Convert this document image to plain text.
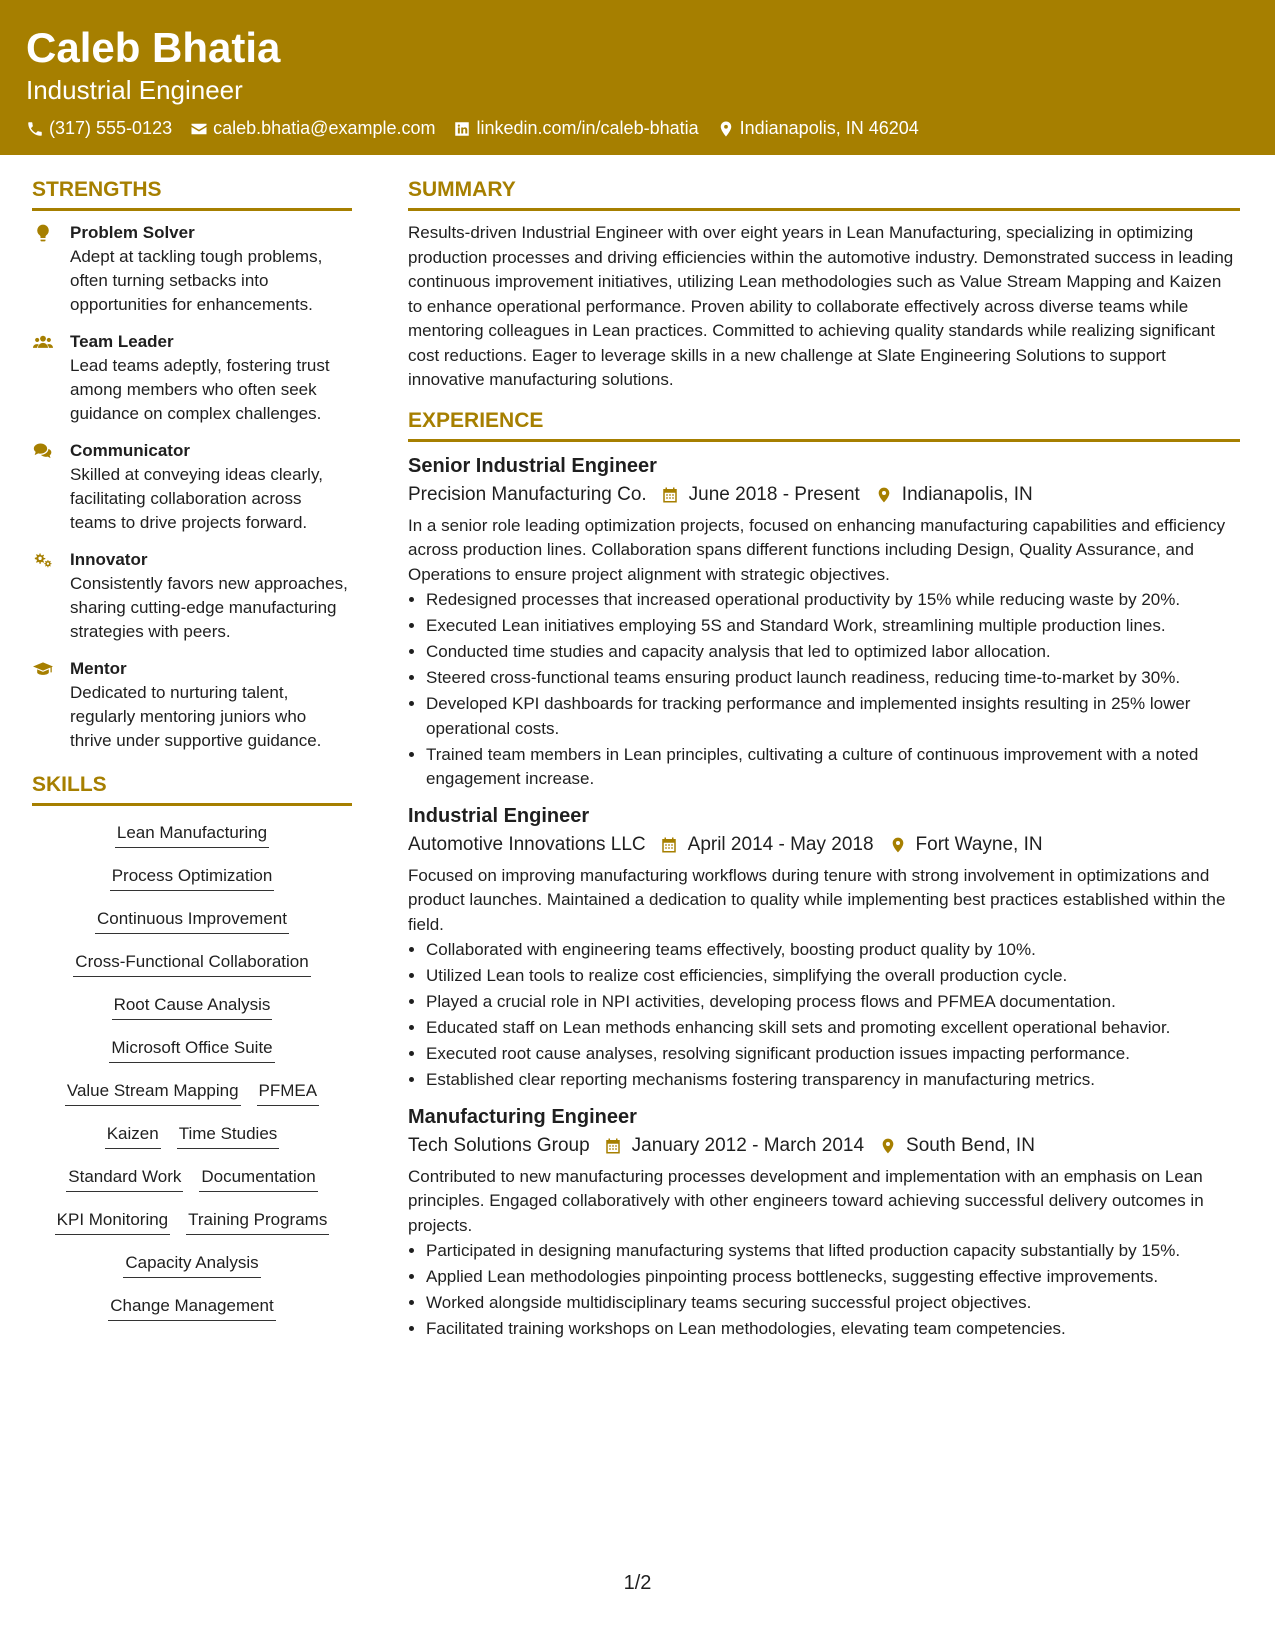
Caleb Bhatia
Industrial Engineer
(317) 555-0123 caleb.bhatia@example.com linkedin.com/in/caleb-bhatia Indianapolis, IN 46204
STRENGTHS
Problem Solver
Adept at tackling tough problems, often turning setbacks into opportunities for enhancements.
Team Leader
Lead teams adeptly, fostering trust among members who often seek guidance on complex challenges.
Communicator
Skilled at conveying ideas clearly, facilitating collaboration across teams to drive projects forward.
Innovator
Consistently favors new approaches, sharing cutting-edge manufacturing strategies with peers.
Mentor
Dedicated to nurturing talent, regularly mentoring juniors who thrive under supportive guidance.
SKILLS
Lean Manufacturing
Process Optimization
Continuous Improvement
Cross-Functional Collaboration
Root Cause Analysis
Microsoft Office Suite
Value Stream Mapping PFMEA
Kaizen Time Studies
Standard Work Documentation
KPI Monitoring Training Programs
Capacity Analysis
Change Management
SUMMARY
Results-driven Industrial Engineer with over eight years in Lean Manufacturing, specializing in optimizing production processes and driving efficiencies within the automotive industry. Demonstrated success in leading continuous improvement initiatives, utilizing Lean methodologies such as Value Stream Mapping and Kaizen to enhance operational performance. Proven ability to collaborate effectively across diverse teams while mentoring colleagues in Lean practices. Committed to achieving quality standards while realizing significant cost reductions. Eager to leverage skills in a new challenge at Slate Engineering Solutions to support innovative manufacturing solutions.
EXPERIENCE
Senior Industrial Engineer
Precision Manufacturing Co. June 2018 - Present Indianapolis, IN
In a senior role leading optimization projects, focused on enhancing manufacturing capabilities and efficiency across production lines. Collaboration spans different functions including Design, Quality Assurance, and Operations to ensure project alignment with strategic objectives.
• Redesigned processes that increased operational productivity by 15% while reducing waste by 20%.
• Executed Lean initiatives employing 5S and Standard Work, streamlining multiple production lines.
• Conducted time studies and capacity analysis that led to optimized labor allocation.
• Steered cross-functional teams ensuring product launch readiness, reducing time-to-market by 30%.
• Developed KPI dashboards for tracking performance and implemented insights resulting in 25% lower operational costs.
• Trained team members in Lean principles, cultivating a culture of continuous improvement with a noted engagement increase.
Industrial Engineer
Automotive Innovations LLC April 2014 - May 2018 Fort Wayne, IN
Focused on improving manufacturing workflows during tenure with strong involvement in optimizations and product launches. Maintained a dedication to quality while implementing best practices established within the field.
• Collaborated with engineering teams effectively, boosting product quality by 10%.
• Utilized Lean tools to realize cost efficiencies, simplifying the overall production cycle.
• Played a crucial role in NPI activities, developing process flows and PFMEA documentation.
• Educated staff on Lean methods enhancing skill sets and promoting excellent operational behavior.
• Executed root cause analyses, resolving significant production issues impacting performance.
• Established clear reporting mechanisms fostering transparency in manufacturing metrics.
Manufacturing Engineer
Tech Solutions Group January 2012 - March 2014 South Bend, IN
Contributed to new manufacturing processes development and implementation with an emphasis on Lean principles. Engaged collaboratively with other engineers toward achieving successful delivery outcomes in projects.
• Participated in designing manufacturing systems that lifted production capacity substantially by 15%.
• Applied Lean methodologies pinpointing process bottlenecks, suggesting effective improvements.
• Worked alongside multidisciplinary teams securing successful project objectives.
• Facilitated training workshops on Lean methodologies, elevating team competencies.
1/2
